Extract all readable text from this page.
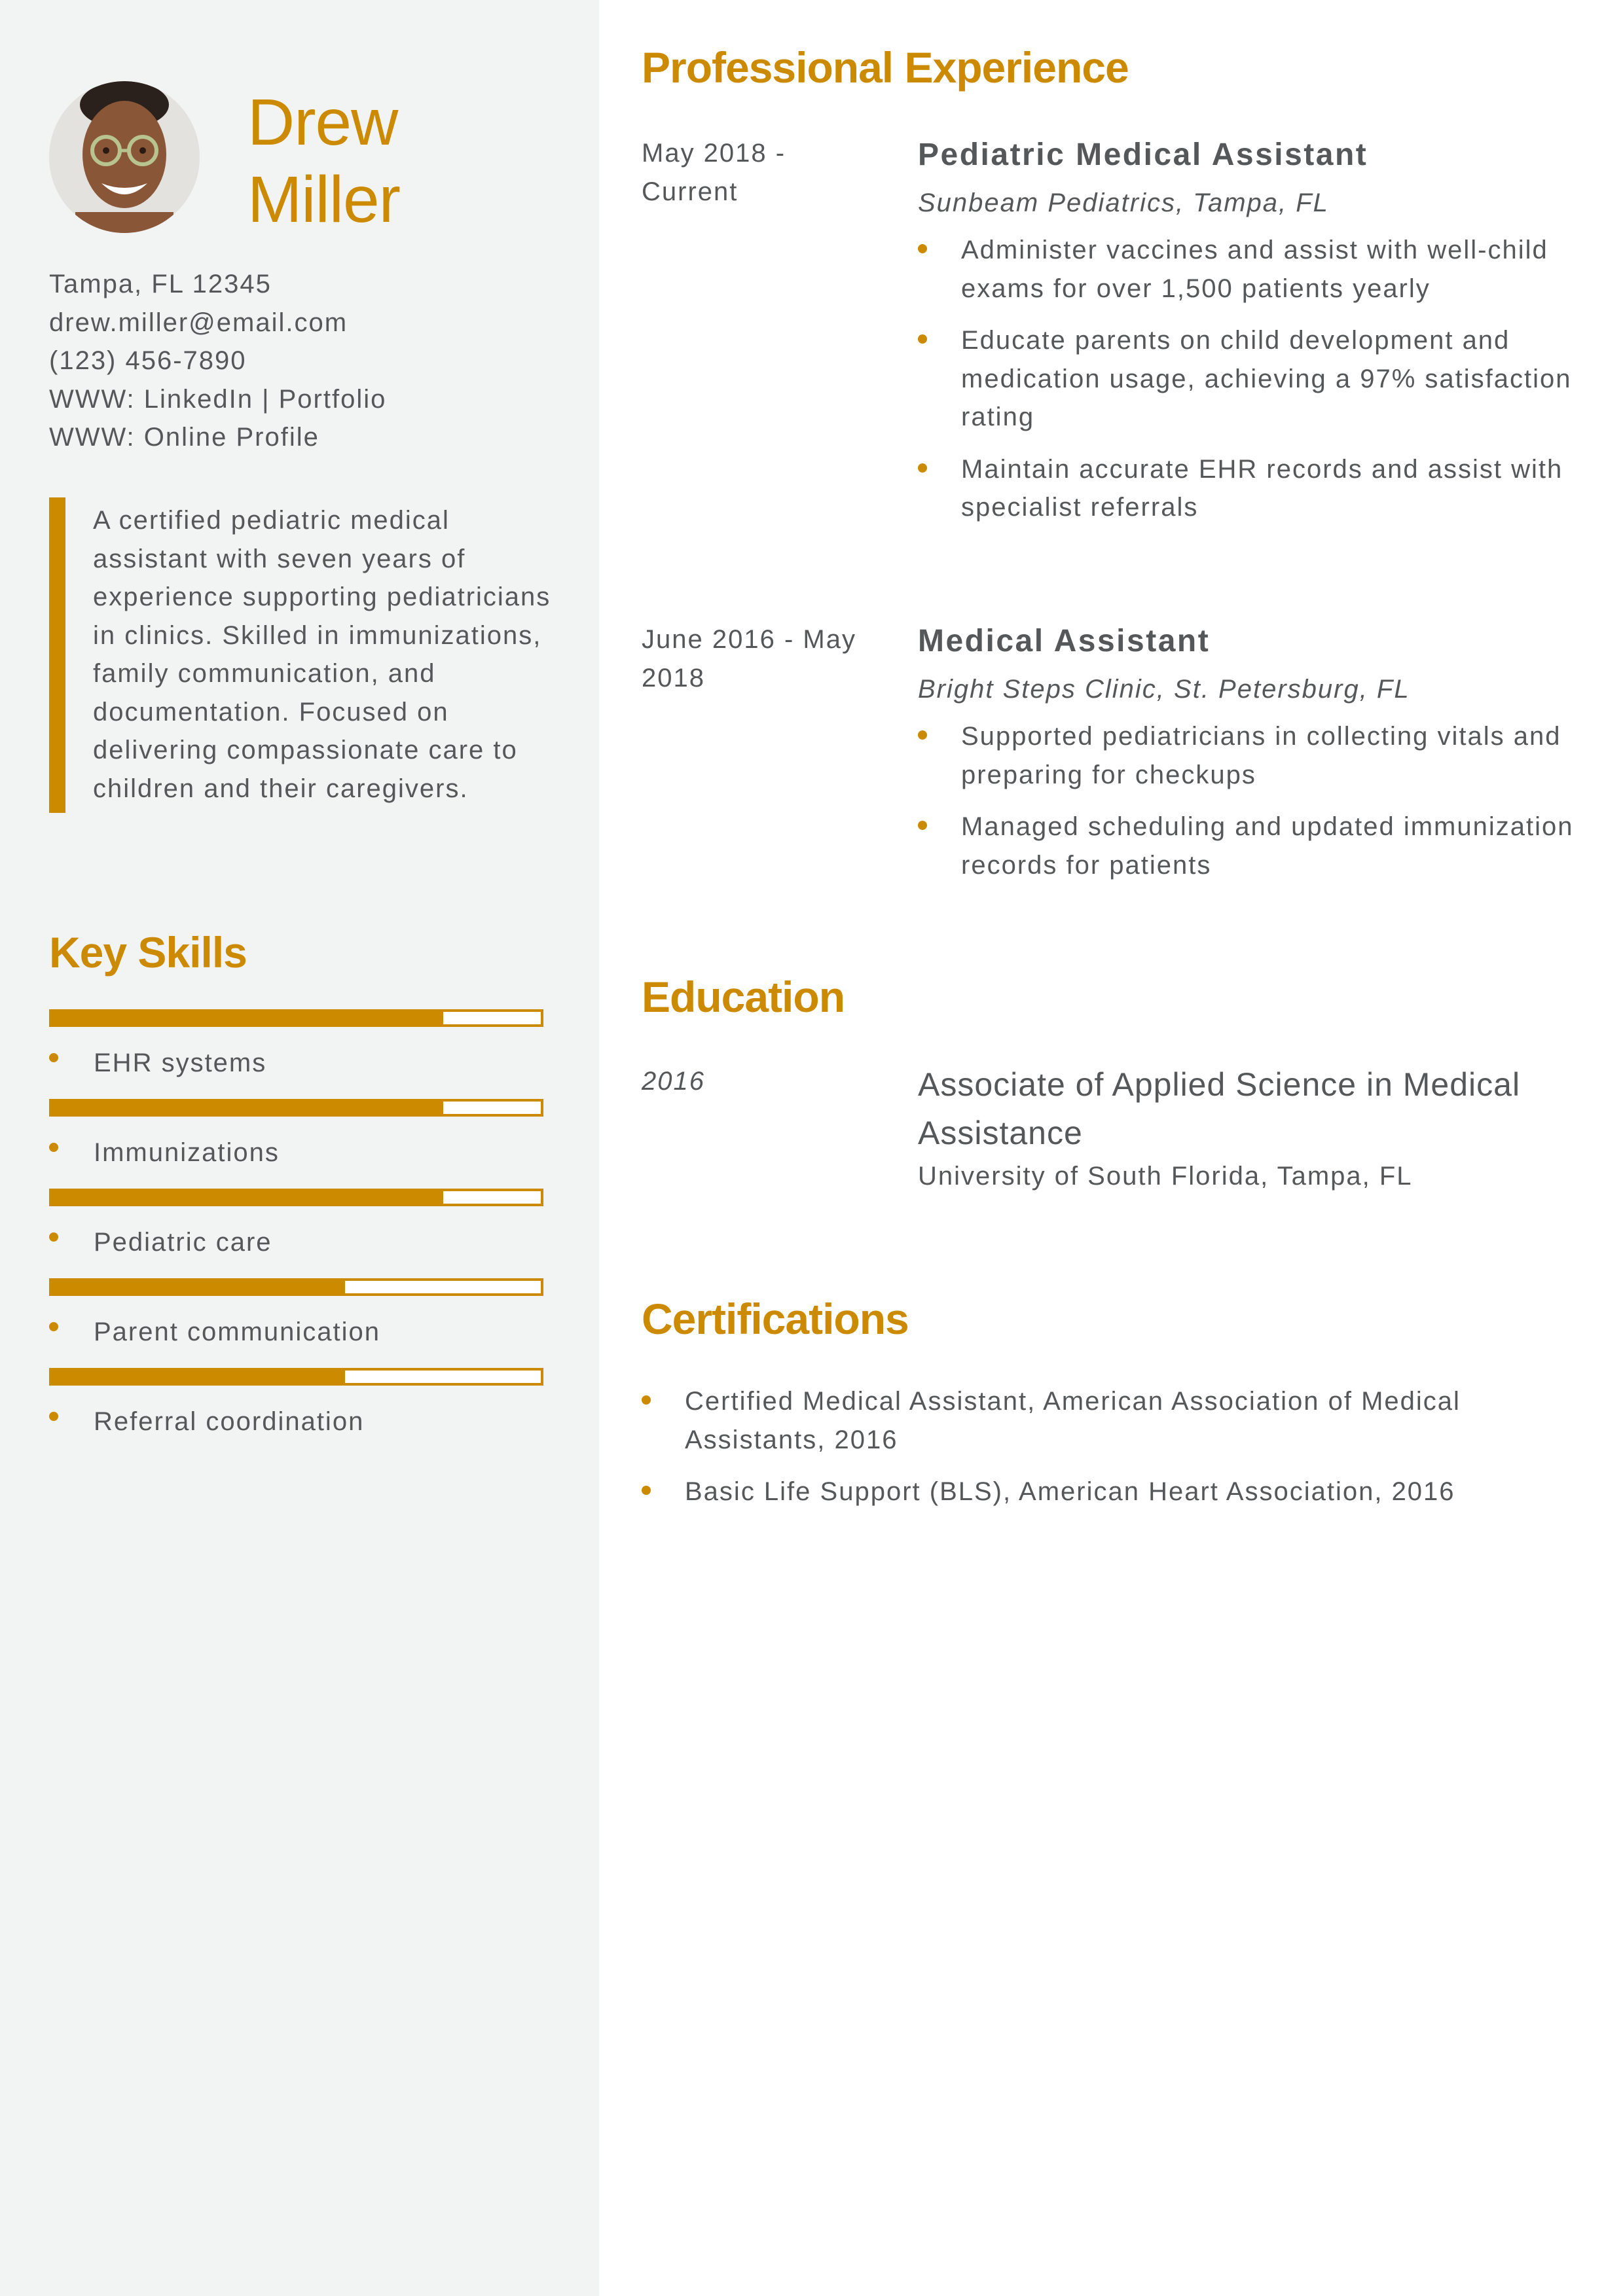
Drew
Miller
Tampa, FL 12345
drew.miller@email.com
(123) 456-7890
WWW: LinkedIn | Portfolio
WWW: Online Profile

A certified pediatric medical assistant with seven years of experience supporting pediatricians in clinics. Skilled in immunizations, family communication, and documentation. Focused on delivering compassionate care to children and their caregivers.

Key Skills
EHR systems
Immunizations
Pediatric care
Parent communication
Referral coordination
Professional Experience
May 2018 - Current
Pediatric Medical Assistant
Sunbeam Pediatrics, Tampa, FL
Administer vaccines and assist with well-child exams for over 1,500 patients yearly
Educate parents on child development and medication usage, achieving a 97% satisfaction rating
Maintain accurate EHR records and assist with specialist referrals
June 2016 - May 2018
Medical Assistant
Bright Steps Clinic, St. Petersburg, FL
Supported pediatricians in collecting vitals and preparing for checkups
Managed scheduling and updated immunization records for patients
Education
2016	Associate of Applied Science in Medical Assistance

University of South Florida, Tampa, FL

Certifications
Certified Medical Assistant, American Association of Medical Assistants, 2016
Basic Life Support (BLS), American Heart Association, 2016
